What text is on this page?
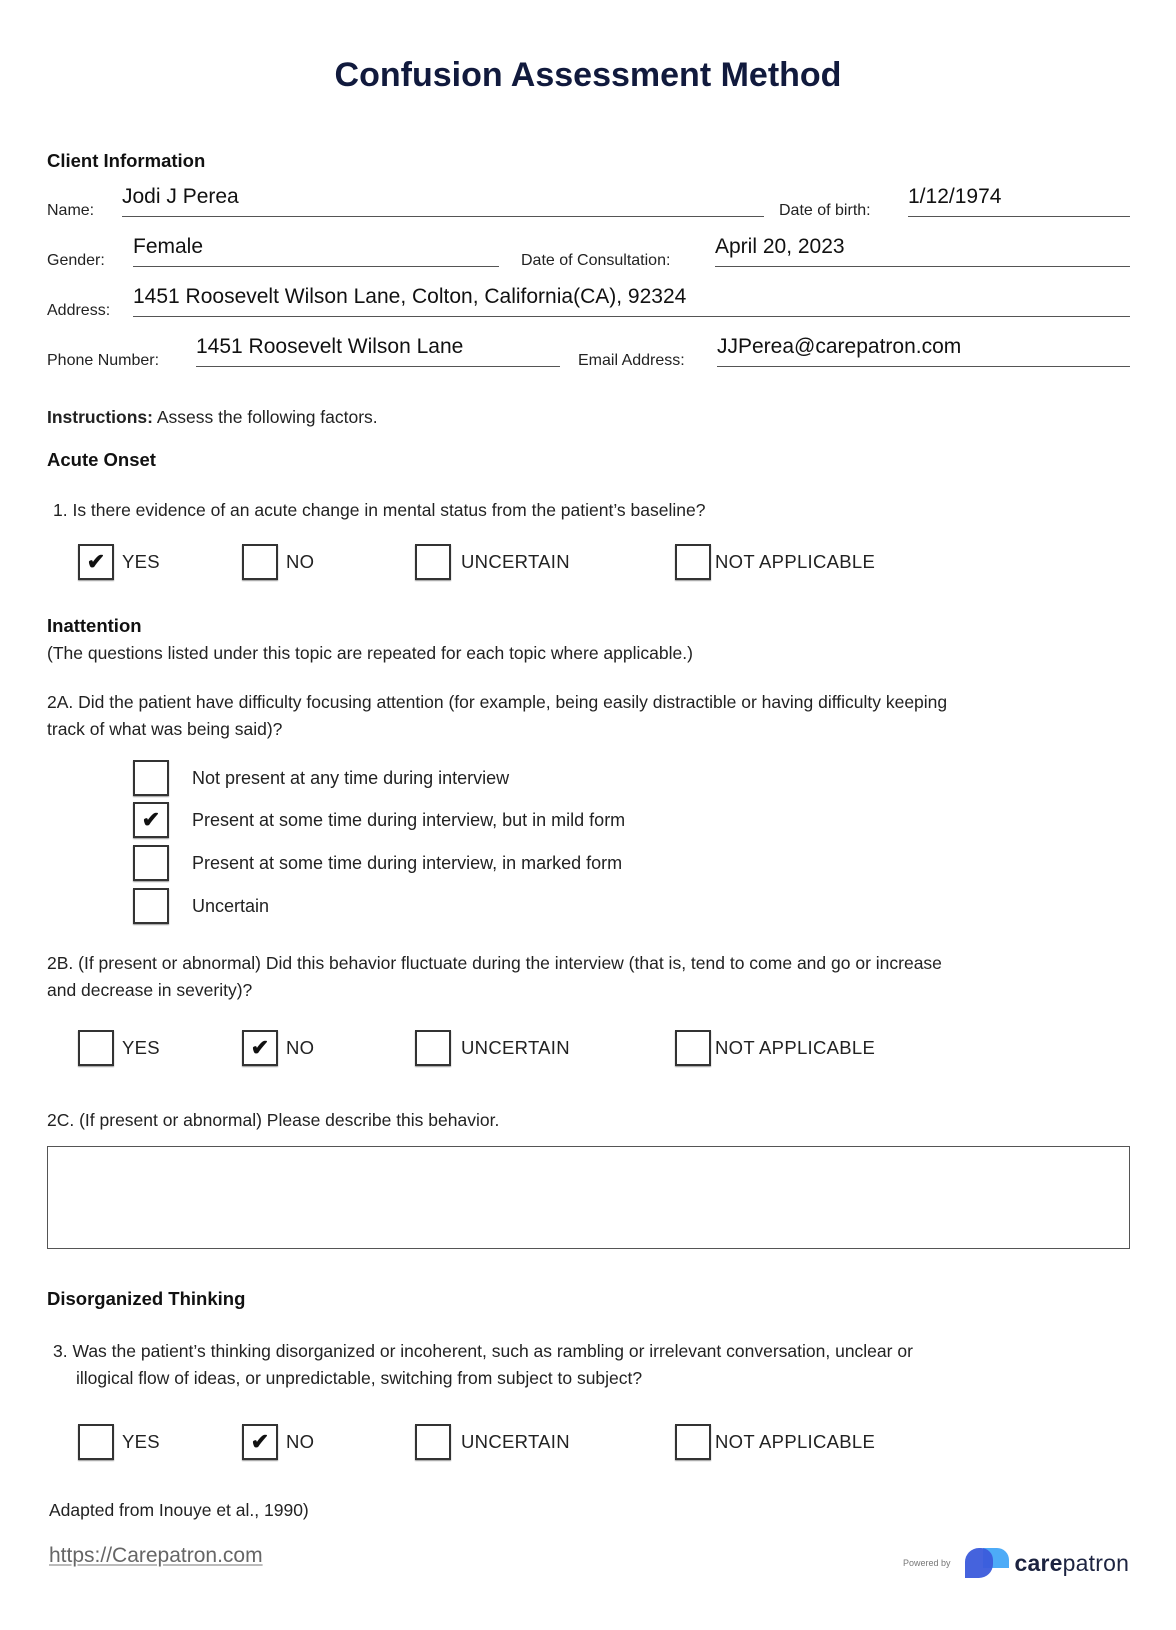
Confusion Assessment Method
Client Information
Name:
Jodi J Perea
Date of birth:
1/12/1974
Gender:
Female
Date of Consultation:
April 20, 2023
Address:
1451 Roosevelt Wilson Lane, Colton, California(CA), 92324
Phone Number:
1451 Roosevelt Wilson Lane
Email Address:
JJPerea@carepatron.com
Instructions: Assess the following factors.
Acute Onset
1. Is there evidence of an acute change in mental status from the patient’s baseline?
✔ YES	NO	UNCERTAIN	NOT APPLICABLE
Inattention
(The questions listed under this topic are repeated for each topic where applicable.)
2A. Did the patient have difficulty focusing attention (for example, being easily distractible or having difficulty keeping
track of what was being said)?
Not present at any time during interview
✔	Present at some time during interview, but in mild form
Present at some time during interview, in marked form
Uncertain
2B. (If present or abnormal) Did this behavior fluctuate during the interview (that is, tend to come and go or increase
and decrease in severity)?
YES	✔ NO	UNCERTAIN	NOT APPLICABLE
2C. (If present or abnormal) Please describe this behavior.
Disorganized Thinking
3. Was the patient’s thinking disorganized or incoherent, such as rambling or irrelevant conversation, unclear or
illogical flow of ideas, or unpredictable, switching from subject to subject?
YES	✔ NO	UNCERTAIN	NOT APPLICABLE
Adapted from Inouye et al., 1990)
https://Carepatron.com	Powered by	carepatron
